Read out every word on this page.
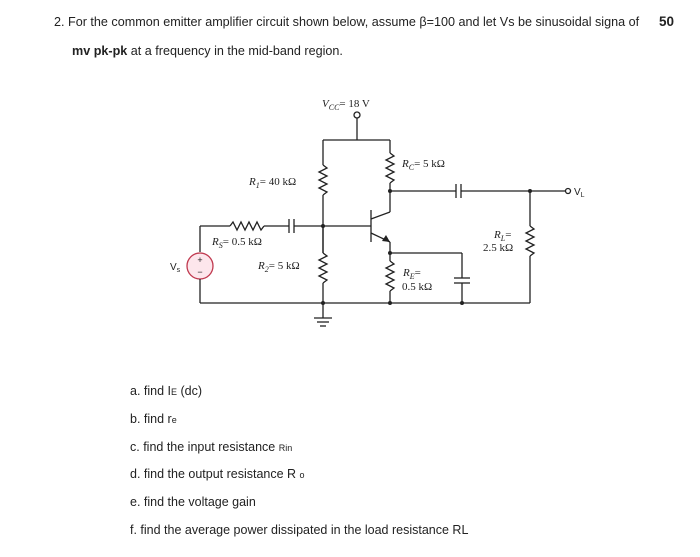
2. For the common emitter amplifier circuit shown below, assume β=100 and let Vs be sinusoidal signa of	50
mv pk-pk at a frequency in the mid-band region.
$V_{CC}= 18$ V
$R_1= 40$ kΩ
$R_C= 5$ kΩ
$V_L$
$R_L=$
2.5 kΩ
$R_E=$
0.5 kΩ
$R_2= 5$ kΩ
+
−
$V_s$
$R_S= 0.5$ kΩ
a. find IE (dc)
b. find re
c. find the input resistance Rin
d. find the output resistance R o
e. find the voltage gain
f. find the average power dissipated in the load resistance RL
